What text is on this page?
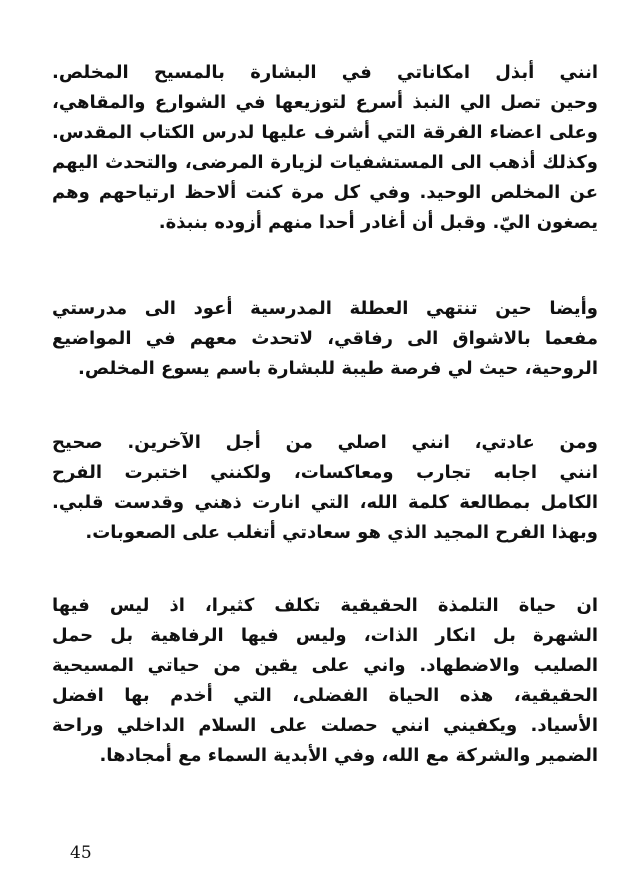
انني أبذل امكاناتي في البشارة بالمسيح المخلص.
وحين تصل الي النبذ أسرع لتوزيعها في الشوارع والمقاهي،
وعلى اعضاء الفرقة التي أشرف عليها لدرس الكتاب المقدس.
وكذلك أذهب الى المستشفيات لزيارة المرضى، والتحدث اليهم
عن المخلص الوحيد. وفي كل مرة كنت ألاحظ ارتياحهم وهم
يصغون اليّ. وقبل أن أغادر أحدا منهم أزوده بنبذة.
وأيضا حين تنتهي العطلة المدرسية أعود الى مدرستي
مفعما بالاشواق الى رفاقي، لاتحدث معهم في المواضيع
الروحية، حيث لي فرصة طيبة للبشارة باسم يسوع المخلص.
ومن عادتي، انني اصلي من أجل الآخرين. صحيح
انني اجابه تجارب ومعاكسات، ولكنني اختبرت الفرح
الكامل بمطالعة كلمة الله، التي انارت ذهني وقدست قلبي.
وبهذا الفرح المجيد الذي هو سعادتي أتغلب على الصعوبات.
ان حياة التلمذة الحقيقية تكلف كثيرا، اذ ليس فيها
الشهرة بل انكار الذات، وليس فيها الرفاهية بل حمل
الصليب والاضطهاد. واني على يقين من حياتي المسيحية
الحقيقية، هذه الحياة الفضلى، التي أخدم بها افضل
الأسياد. ويكفيني انني حصلت على السلام الداخلي وراحة
الضمير والشركة مع الله، وفي الأبدية السماء مع أمجادها.
45
